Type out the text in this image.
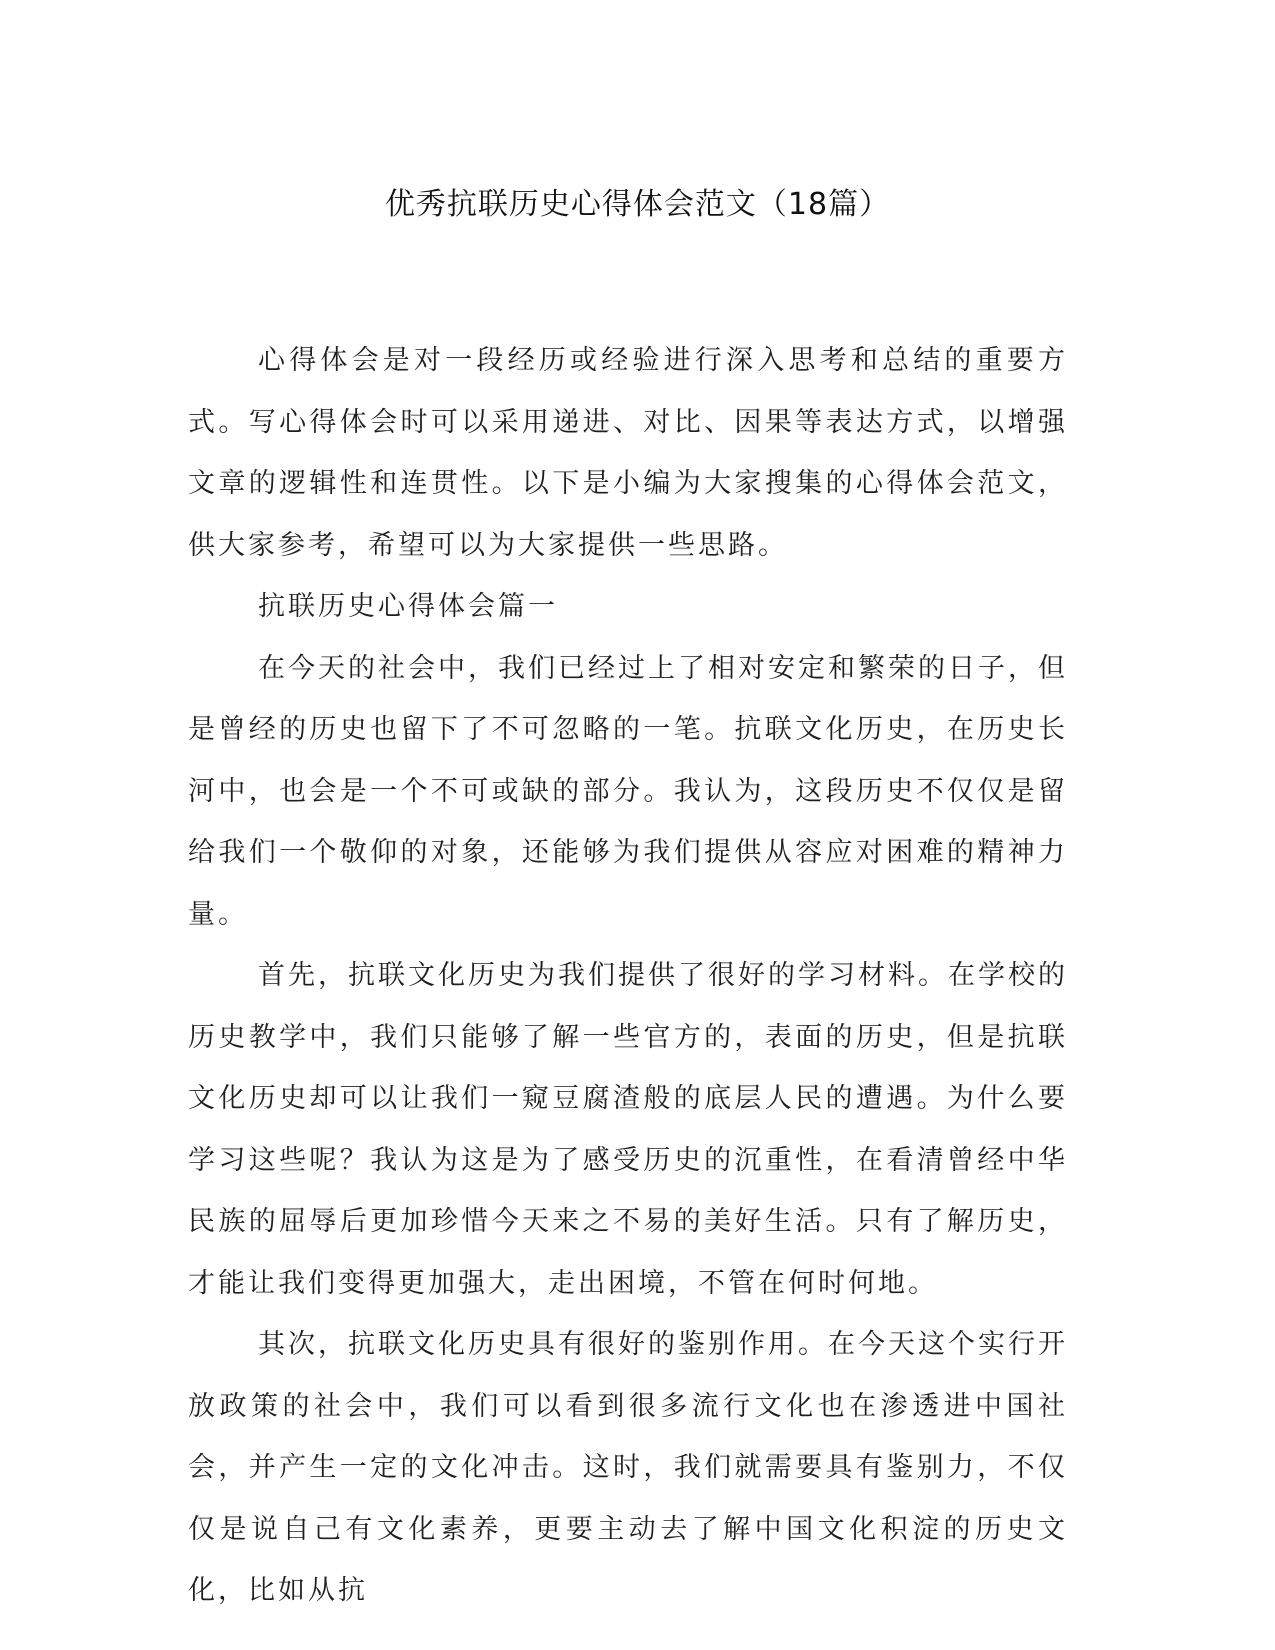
优秀抗联历史心得体会范文（18篇）

心得体会是对一段经历或经验进行深入思考和总结的重要方式。写心得体会时可以采用递进、对比、因果等表达方式，以增强文章的逻辑性和连贯性。以下是小编为大家搜集的心得体会范文，供大家参考，希望可以为大家提供一些思路。

抗联历史心得体会篇一

在今天的社会中，我们已经过上了相对安定和繁荣的日子，但是曾经的历史也留下了不可忽略的一笔。抗联文化历史，在历史长河中，也会是一个不可或缺的部分。我认为，这段历史不仅仅是留给我们一个敬仰的对象，还能够为我们提供从容应对困难的精神力量。

首先，抗联文化历史为我们提供了很好的学习材料。在学校的历史教学中，我们只能够了解一些官方的，表面的历史，但是抗联文化历史却可以让我们一窥豆腐渣般的底层人民的遭遇。为什么要学习这些呢？我认为这是为了感受历史的沉重性，在看清曾经中华民族的屈辱后更加珍惜今天来之不易的美好生活。只有了解历史，才能让我们变得更加强大，走出困境，不管在何时何地。

其次，抗联文化历史具有很好的鉴别作用。在今天这个实行开放政策的社会中，我们可以看到很多流行文化也在渗透进中国社会，并产生一定的文化冲击。这时，我们就需要具有鉴别力，不仅仅是说自己有文化素养，更要主动去了解中国文化积淀的历史文化，比如从抗
